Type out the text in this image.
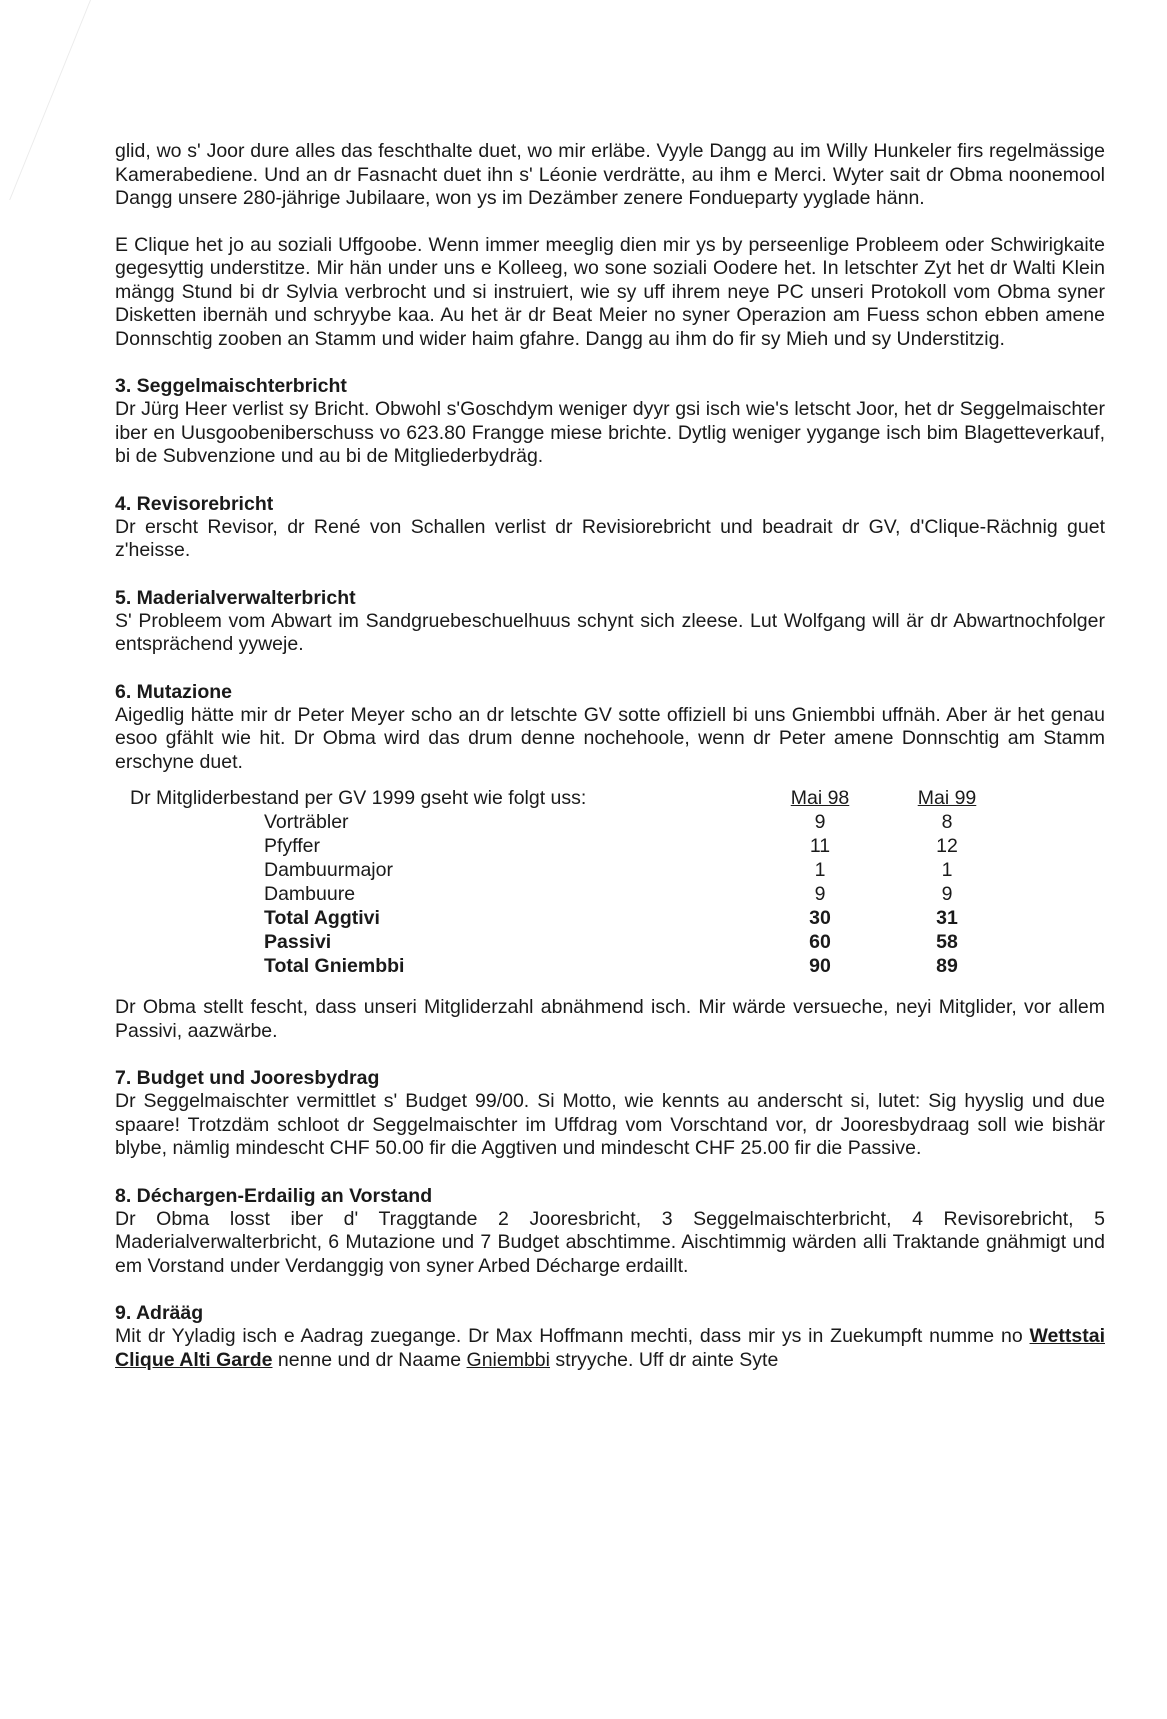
glid, wo s' Joor dure alles das feschthalte duet, wo mir erläbe. Vyyle Dangg au im Willy Hunkeler firs regelmässige Kamerabediene. Und an dr Fasnacht duet ihn s' Léonie verdrätte, au ihm e Merci. Wyter sait dr Obma noonemool Dangg unsere 280-jährige Jubilaare, won ys im Dezämber zenere Fondueparty yyglade hänn.

E Clique het jo au soziali Uffgoobe. Wenn immer meeglig dien mir ys by perseenlige Probleem oder Schwirigkaite gegesyttig understitze. Mir hän under uns e Kolleeg, wo sone soziali Oodere het. In letschter Zyt het dr Walti Klein mängg Stund bi dr Sylvia verbrocht und si instruiert, wie sy uff ihrem neye PC unseri Protokoll vom Obma syner Disketten ibernäh und schryybe kaa. Au het är dr Beat Meier no syner Operazion am Fuess schon ebben amene Donnschtig zooben an Stamm und wider haim gfahre. Dangg au ihm do fir sy Mieh und sy Understitzig.

3. Seggelmaischterbricht

Dr Jürg Heer verlist sy Bricht. Obwohl s'Goschdym weniger dyyr gsi isch wie's letscht Joor, het dr Seggelmaischter iber en Uusgoobeniberschuss vo 623.80 Frangge miese brichte. Dytlig weniger yygange isch bim Blagetteverkauf, bi de Subvenzione und au bi de Mitgliederbydräg.

4. Revisorebricht

Dr erscht Revisor, dr René von Schallen verlist dr Revisiorebricht und beadrait dr GV, d'Clique-Rächnig guet z'heisse.

5. Maderialverwalterbricht

S' Probleem vom Abwart im Sandgruebeschuelhuus schynt sich zleese. Lut Wolfgang will är dr Abwartnochfolger entsprächend yyweje.

6. Mutazione

Aigedlig hätte mir dr Peter Meyer scho an dr letschte GV sotte offiziell bi uns Gniembbi uffnäh. Aber är het genau esoo gfählt wie hit. Dr Obma wird das drum denne nochehoole, wenn dr Peter amene Donnschtig am Stamm erschyne duet.

Dr Mitgliderbestand per GV 1999 gseht wie folgt uss:	Mai 98	Mai 99
Vorträbler	9	8
Pfyffer	11	12
Dambuurmajor	1	1
Dambuure	9	9
Total Aggtivi	30	31
Passivi	60	58
Total Gniembbi	90	89

Dr Obma stellt fescht, dass unseri Mitgliderzahl abnähmend isch. Mir wärde versueche, neyi Mitglider, vor allem Passivi, aazwärbe.

7. Budget und Jooresbydrag

Dr Seggelmaischter vermittlet s' Budget 99/00. Si Motto, wie kennts au anderscht si, lutet: Sig hyyslig und due spaare! Trotzdäm schloot dr Seggelmaischter im Uffdrag vom Vorschtand vor, dr Jooresbydraag soll wie bishär blybe, nämlig mindescht CHF 50.00 fir die Aggtiven und mindescht CHF 25.00 fir die Passive.

8. Déchargen-Erdailig an Vorstand

Dr Obma losst iber d' Traggtande 2 Jooresbricht, 3 Seggelmaischterbricht, 4 Revisorebricht, 5 Maderialverwalterbricht, 6 Mutazione und 7 Budget abschtimme. Aischtimmig wärden alli Traktande gnähmigt und em Vorstand under Verdanggig von syner Arbed Décharge erdaillt.

9. Adrääg

Mit dr Yyladig isch e Aadrag zuegange. Dr Max Hoffmann mechti, dass mir ys in Zuekumpft numme no Wettstai Clique Alti Garde nenne und dr Naame Gniembbi stryyche. Uff dr ainte Syte
